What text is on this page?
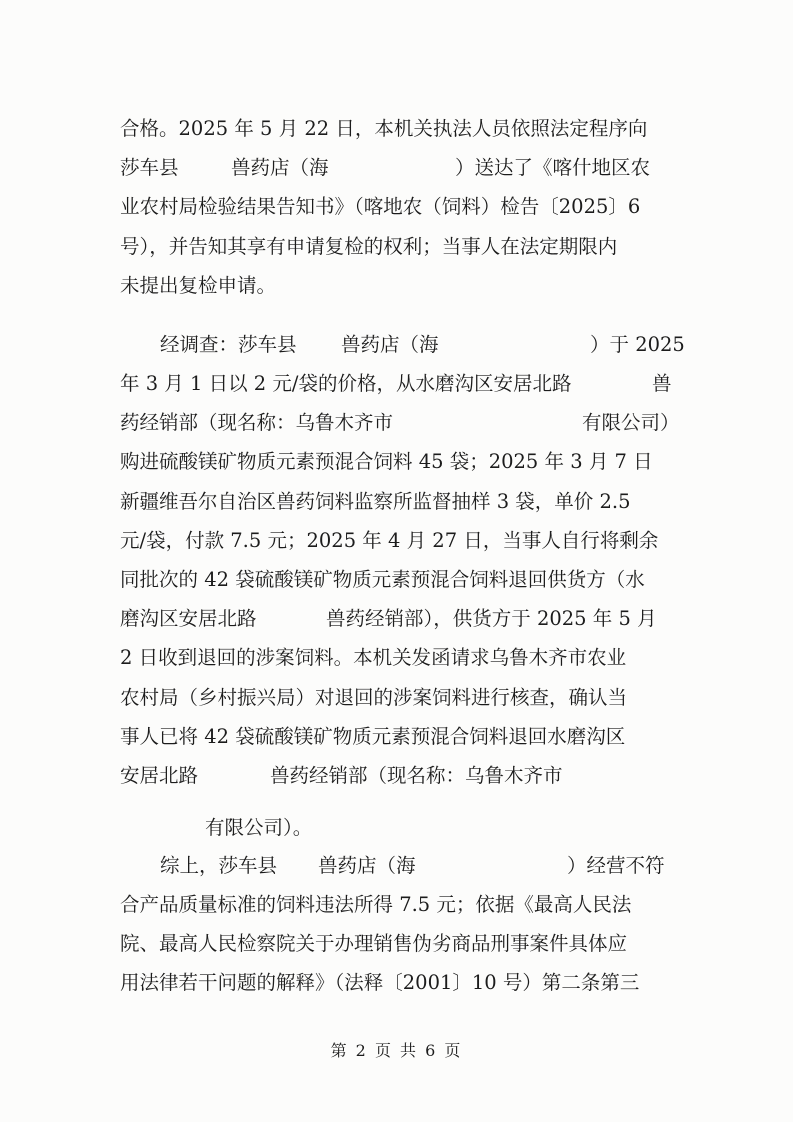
合格。2025 年 5 月 22 日，本机关执法人员依照法定程序向
莎车县	兽药店（海	）送达了《喀什地区农
业农村局检验结果告知书》（喀地农（饲料）检告〔2025〕6
号），并告知其享有申请复检的权利；当事人在法定期限内
未提出复检申请。
经调查：莎车县 兽药店（海	）于 2025
年 3 月 1 日以 2 元/袋的价格，从水磨沟区安居北路	兽
药经销部（现名称：乌鲁木齐市	有限公司）
购进硫酸镁矿物质元素预混合饲料 45 袋；2025 年 3 月 7 日
新疆维吾尔自治区兽药饲料监察所监督抽样 3 袋，单价 2.5
元/袋，付款 7.5 元；2025 年 4 月 27 日，当事人自行将剩余
同批次的 42 袋硫酸镁矿物质元素预混合饲料退回供货方（水
磨沟区安居北路	兽药经销部），供货方于 2025 年 5 月
2 日收到退回的涉案饲料。本机关发函请求乌鲁木齐市农业
农村局（乡村振兴局）对退回的涉案饲料进行核查，确认当
事人已将 42 袋硫酸镁矿物质元素预混合饲料退回水磨沟区
安居北路	兽药经销部（现名称：乌鲁木齐市
有限公司）。
综上，莎车县 兽药店（海	）经营不符
合产品质量标准的饲料违法所得 7.5 元；依据《最高人民法
院、最高人民检察院关于办理销售伪劣商品刑事案件具体应
用法律若干问题的解释》（法释〔2001〕10 号）第二条第三
第 2 页 共 6 页
